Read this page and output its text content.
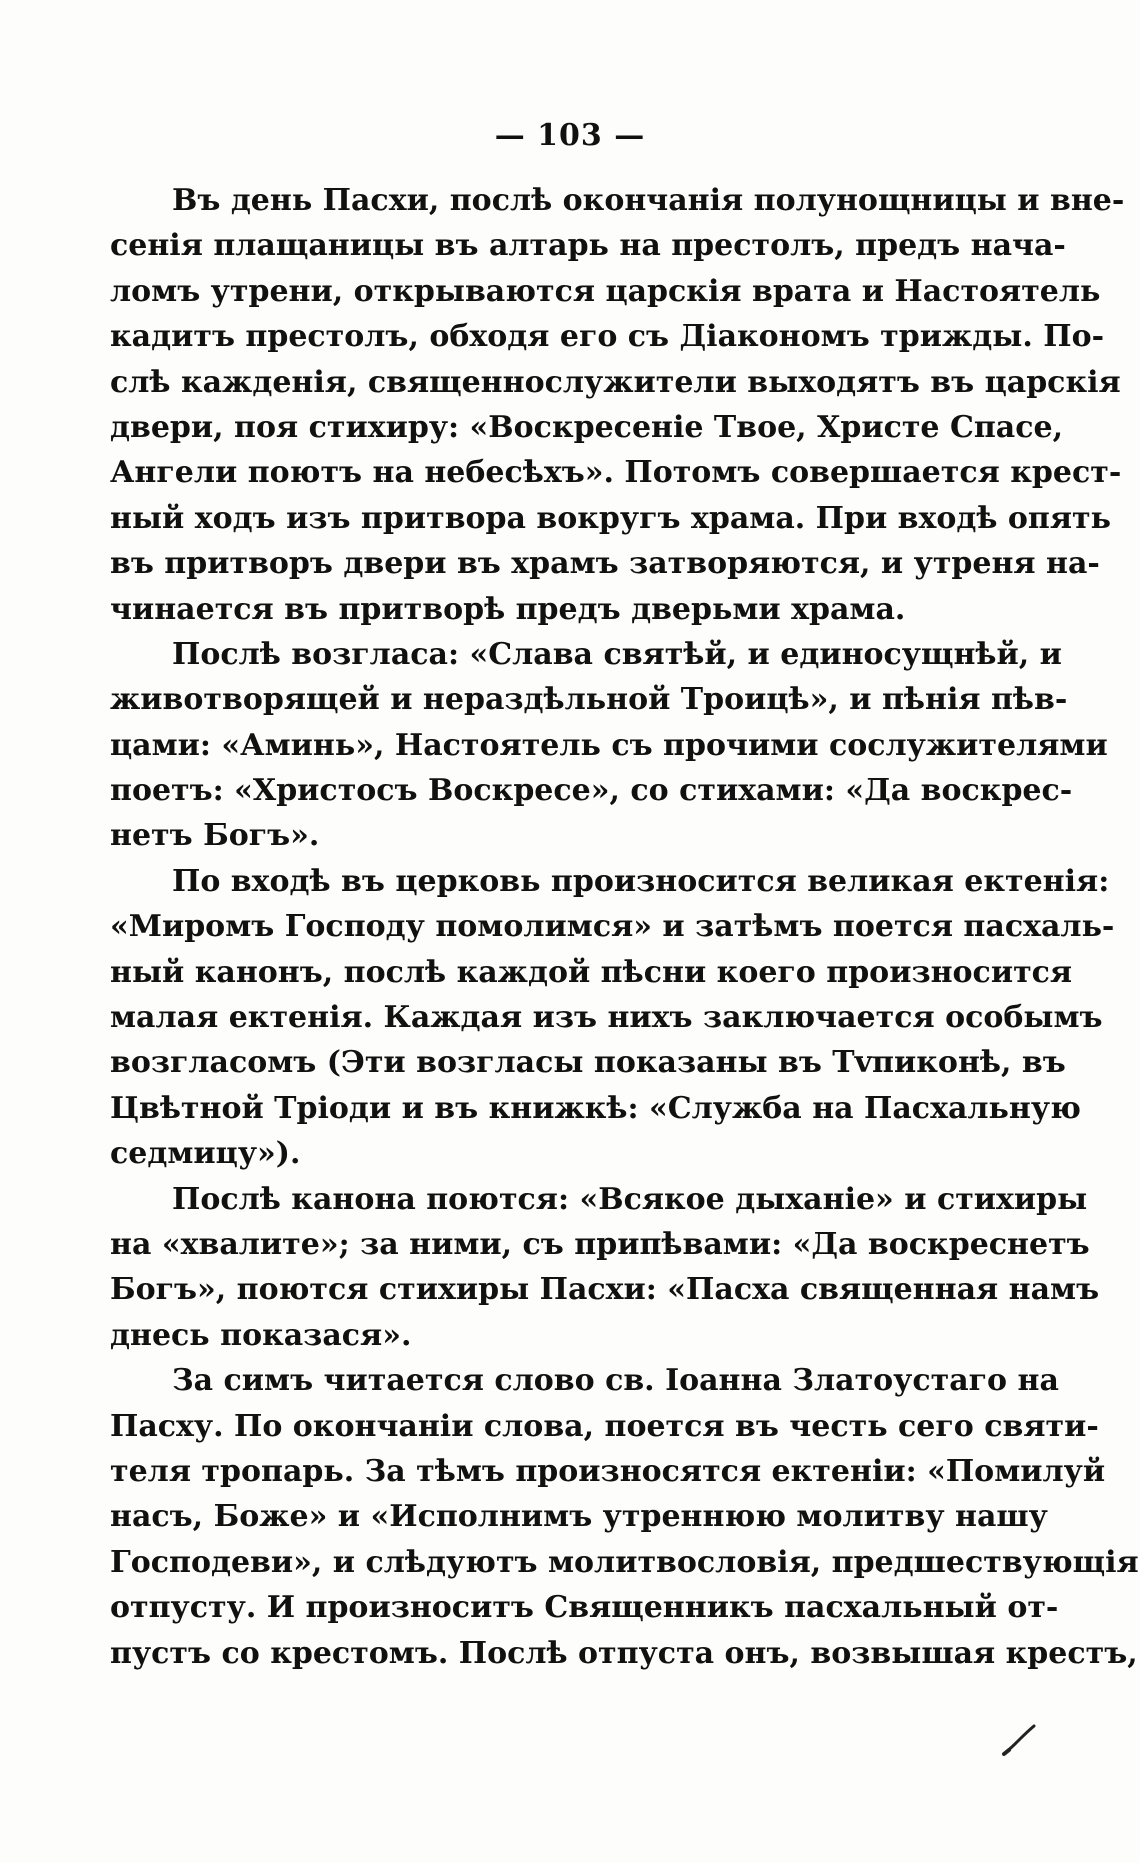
— 103 —
Въ день Пасхи, послѣ окончанія полунощницы и вне-
сенія плащаницы въ алтарь на престолъ, предъ нача-
ломъ утрени, открываются царскія врата и Настоятель
кадитъ престолъ, обходя его съ Діакономъ трижды. По-
слѣ кажденія, священнослужители выходятъ въ царскія
двери, поя стихиру: «Воскресеніе Твое, Христе Спасе,
Ангели поютъ на небесѣхъ». Потомъ совершается крест-
ный ходъ изъ притвора вокругъ храма. При входѣ опять
въ притворъ двери въ храмъ затворяются, и утреня на-
чинается въ притворѣ предъ дверьми храма.
Послѣ возгласа: «Слава святѣй, и единосущнѣй, и
животворящей и нераздѣльной Троицѣ», и пѣнія пѣв-
цами: «Аминь», Настоятель съ прочими сослужителями
поетъ: «Христосъ Воскресе», со стихами: «Да воскрес-
нетъ Богъ».
По входѣ въ церковь произносится великая ектенія:
«Миромъ Господу помолимся» и затѣмъ поется пасхаль-
ный канонъ, послѣ каждой пѣсни коего произносится
малая ектенія. Каждая изъ нихъ заключается особымъ
возгласомъ (Эти возгласы показаны въ Тvпиконѣ, въ
Цвѣтной Тріоди и въ книжкѣ: «Служба на Пасхальную
седмицу»).
Послѣ канона поются: «Всякое дыханіе» и стихиры
на «хвалите»; за ними, съ припѣвами: «Да воскреснетъ
Богъ», поются стихиры Пасхи: «Пасха священная намъ
днесь показася».
За симъ читается слово св. Іоанна Златоустаго на
Пасху. По окончаніи слова, поется въ честь сего святи-
теля тропарь. За тѣмъ произносятся ектеніи: «Помилуй
насъ, Боже» и «Исполнимъ утреннюю молитву нашу
Господеви», и слѣдуютъ молитвословія, предшествующія
отпусту. И произноситъ Священникъ пасхальный от-
пустъ со крестомъ. Послѣ отпуста онъ, возвышая крестъ,
